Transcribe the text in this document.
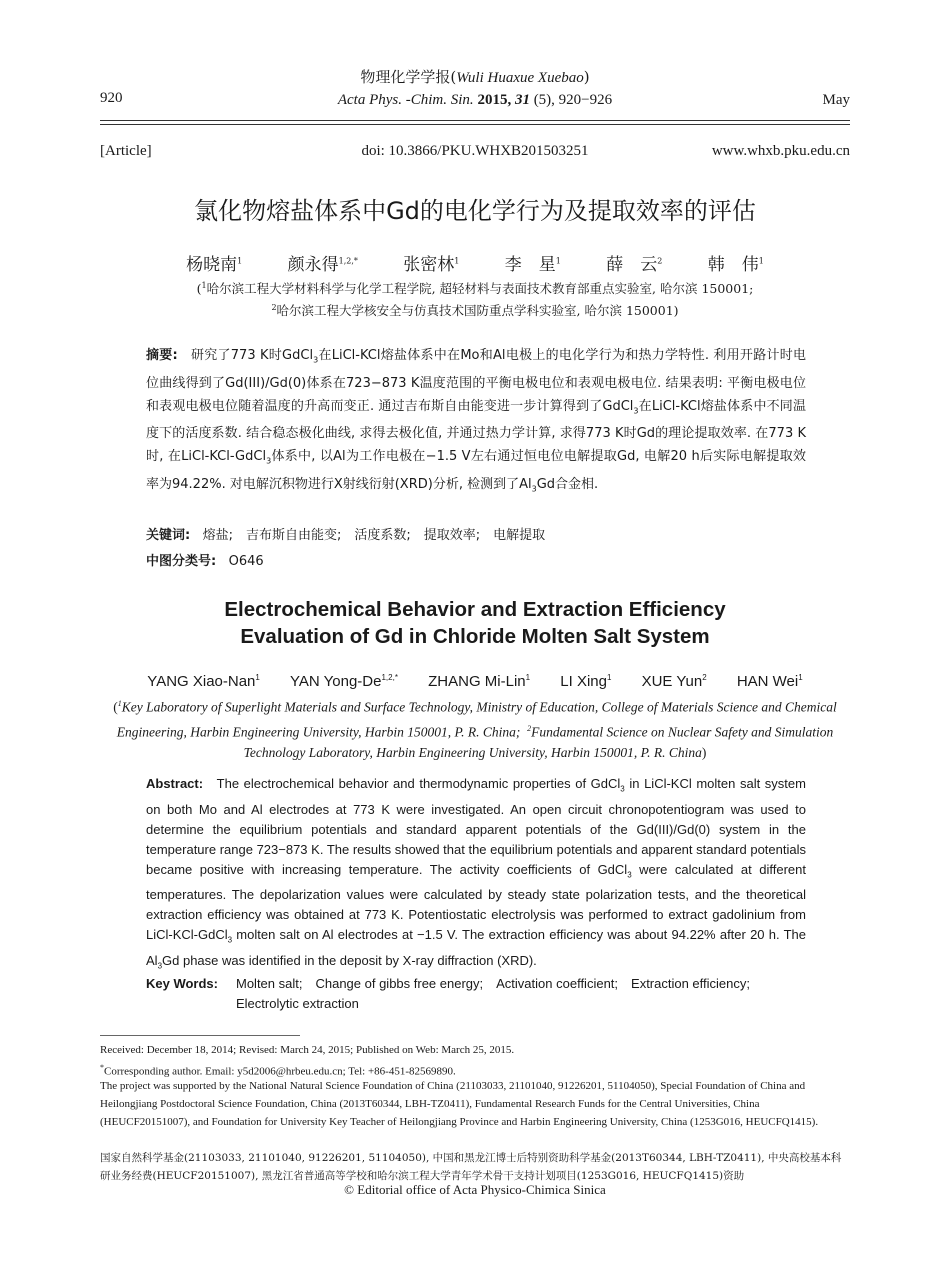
920
物理化学学报(Wuli Huaxue Xuebao)
Acta Phys. -Chim. Sin. 2015, 31 (5), 920−926	May
[Article]	doi: 10.3866/PKU.WHXB201503251	www.whxb.pku.edu.cn
氯化物熔盐体系中Gd的电化学行为及提取效率的评估
杨晓南$^1$	颜永得$^{1,2,*}$	张密林$^1$	李　星$^1$	薛　云$^2$	韩　伟$^1$
($^1$哈尔滨工程大学材料科学与化学工程学院, 超轻材料与表面技术教育部重点实验室, 哈尔滨 150001;
$^2$哈尔滨工程大学核安全与仿真技术国防重点学科实验室, 哈尔滨 150001)
摘要: 研究了773 K时GdCl$_3$在LiCl-KCl熔盐体系中在Mo和Al电极上的电化学行为和热力学特性. 利用开路计时电位曲线得到了Gd(III)/Gd(0)体系在723−873 K温度范围的平衡电极电位和表观电极电位. 结果表明: 平衡电极电位和表观电极电位随着温度的升高而变正. 通过吉布斯自由能变进一步计算得到了GdCl$_3$在LiCl-KCl熔盐体系中不同温度下的活度系数. 结合稳态极化曲线, 求得去极化值, 并通过热力学计算, 求得773 K时Gd的理论提取效率. 在773 K时, 在LiCl-KCl-GdCl$_3$体系中, 以Al为工作电极在−1.5 V左右通过恒电位电解提取Gd, 电解20 h后实际电解提取效率为94.22%. 对电解沉积物进行X射线衍射(XRD)分析, 检测到了$Al_3Gd$合金相.
关键词: 熔盐;　吉布斯自由能变;　活度系数;　提取效率;　电解提取
中图分类号: O646
Electrochemical Behavior and Extraction Efficiency
Evaluation of Gd in Chloride Molten Salt System
YANG Xiao-Nan$^1$ YAN Yong-$De^{1,2,*}$ ZHANG Mi-Lin$^1$ LI Xing$^1$ XUE Yun$^2$ HAN Wei$^1$
($^1$Key Laboratory of Superlight Materials and Surface Technology, Ministry of Education, College of Materials Science and Chemical Engineering, Harbin Engineering University, Harbin 150001, P. R. China; $^2$Fundamental Science on Nuclear Safety and Simulation Technology Laboratory, Harbin Engineering University, Harbin 150001, P. R. China)
Abstract: The electrochemical behavior and thermodynamic properties of GdCl$_3$ in LiCl-KCl molten salt system on both Mo and Al electrodes at 773 K were investigated. An open circuit chronopotentiogram was used to determine the equilibrium potentials and standard apparent potentials of the Gd(III)/Gd(0) system in the temperature range 723−873 K. The results showed that the equilibrium potentials and apparent standard potentials became positive with increasing temperature. The activity coefficients of GdCl$_3$ were calculated at different temperatures. The depolarization values were calculated by steady state polarization tests, and the theoretical extraction efficiency was obtained at 773 K. Potentiostatic electrolysis was performed to extract gadolinium from LiCl-KCl-GdCl$_3$ molten salt on Al electrodes at −1.5 V. The extraction efficiency was about 94.22% after 20 h. The $Al_3Gd$ phase was identified in the deposit by X-ray diffraction (XRD).
Key Words: Molten salt;　Change of gibbs free energy;　Activation coefficient;　Extraction efficiency;
Electrolytic extraction
Received: December 18, 2014; Revised: March 24, 2015; Published on Web: March 25, 2015.
*Corresponding author. Email: y5d2006@hrbeu.edu.cn; Tel: +86-451-82569890.
The project was supported by the National Natural Science Foundation of China (21103033, 21101040, 91226201, 51104050), Special Foundation of China and Heilongjiang Postdoctoral Science Foundation, China (2013T60344, LBH-TZ0411), Fundamental Research Funds for the Central Universities, China (HEUCF20151007), and Foundation for University Key Teacher of Heilongjiang Province and Harbin Engineering University, China (1253G016, HEUCFQ1415).
国家自然科学基金(21103033, 21101040, 91226201, 51104050), 中国和黑龙江博士后特别资助科学基金(2013T60344, LBH-TZ0411), 中央高校基本科研业务经费(HEUCF20151007), 黑龙江省普通高等学校和哈尔滨工程大学青年学术骨干支持计划项目(1253G016, HEUCFQ1415)资助
© Editorial office of Acta Physico-Chimica Sinica
